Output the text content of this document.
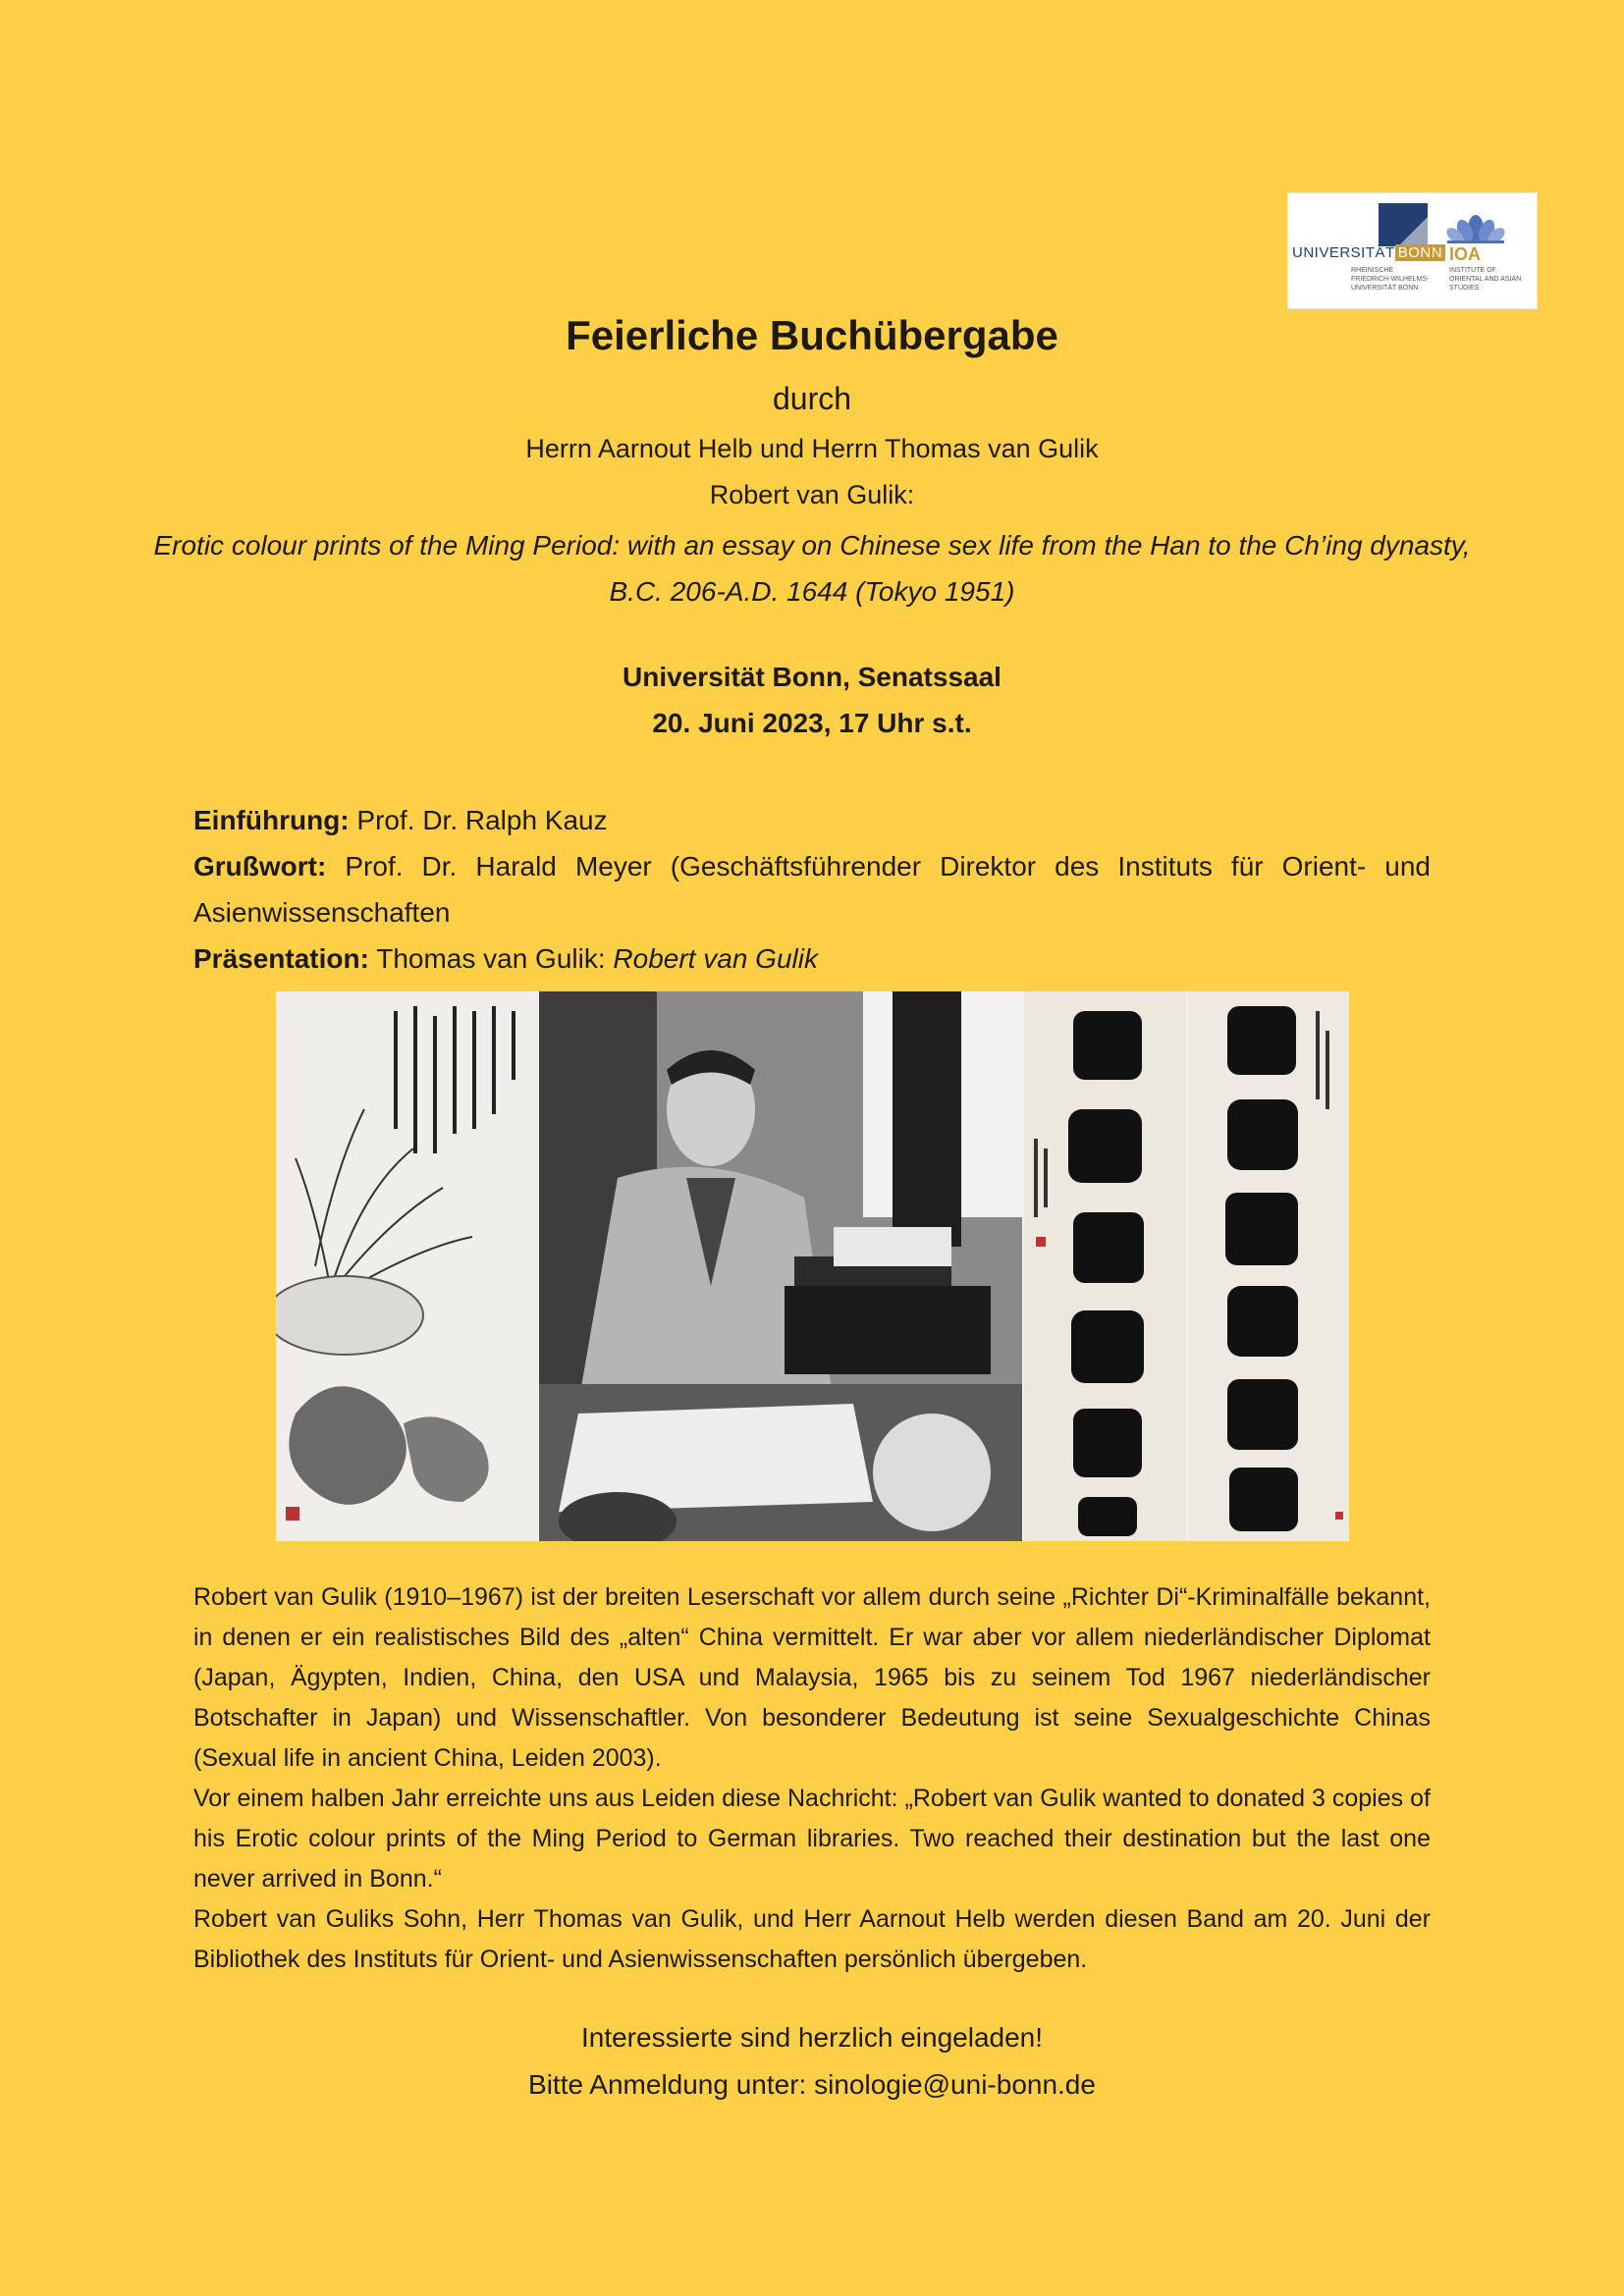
UNIVERSITÄT BONN
RHEINISCHE FRIEDRICH-WILHELMS-UNIVERSITÄT BONN
IOA
INSTITUTE OF ORIENTAL AND ASIAN STUDIES
Feierliche Buchübergabe

durch

Herrn Aarnout Helb und Herrn Thomas van Gulik

Robert van Gulik:

Erotic colour prints of the Ming Period: with an essay on Chinese sex life from the Han to the Ch’ing dynasty, B.C. 206-A.D. 1644 (Tokyo 1951)

Universität Bonn, Senatssaal

20. Juni 2023, 17 Uhr s.t.

Einführung: Prof. Dr. Ralph Kauz

Grußwort: Prof. Dr. Harald Meyer (Geschäftsführender Direktor des Instituts für Orient- und Asienwissenschaften

Präsentation: Thomas van Gulik: Robert van Gulik

Robert van Gulik (1910–1967) ist der breiten Leserschaft vor allem durch seine „Richter Di“-Kriminalfälle bekannt, in denen er ein realistisches Bild des „alten“ China vermittelt. Er war aber vor allem niederländischer Diplomat (Japan, Ägypten, Indien, China, den USA und Malaysia, 1965 bis zu seinem Tod 1967 niederländischer Botschafter in Japan) und Wissenschaftler. Von besonderer Bedeutung ist seine Sexualgeschichte Chinas (Sexual life in ancient China, Leiden 2003).

Vor einem halben Jahr erreichte uns aus Leiden diese Nachricht: „Robert van Gulik wanted to donated 3 copies of his Erotic colour prints of the Ming Period to German libraries. Two reached their destination but the last one never arrived in Bonn.“

Robert van Guliks Sohn, Herr Thomas van Gulik, und Herr Aarnout Helb werden diesen Band am 20. Juni der Bibliothek des Instituts für Orient- und Asienwissenschaften persönlich übergeben.

Interessierte sind herzlich eingeladen!

Bitte Anmeldung unter: sinologie@uni-bonn.de
